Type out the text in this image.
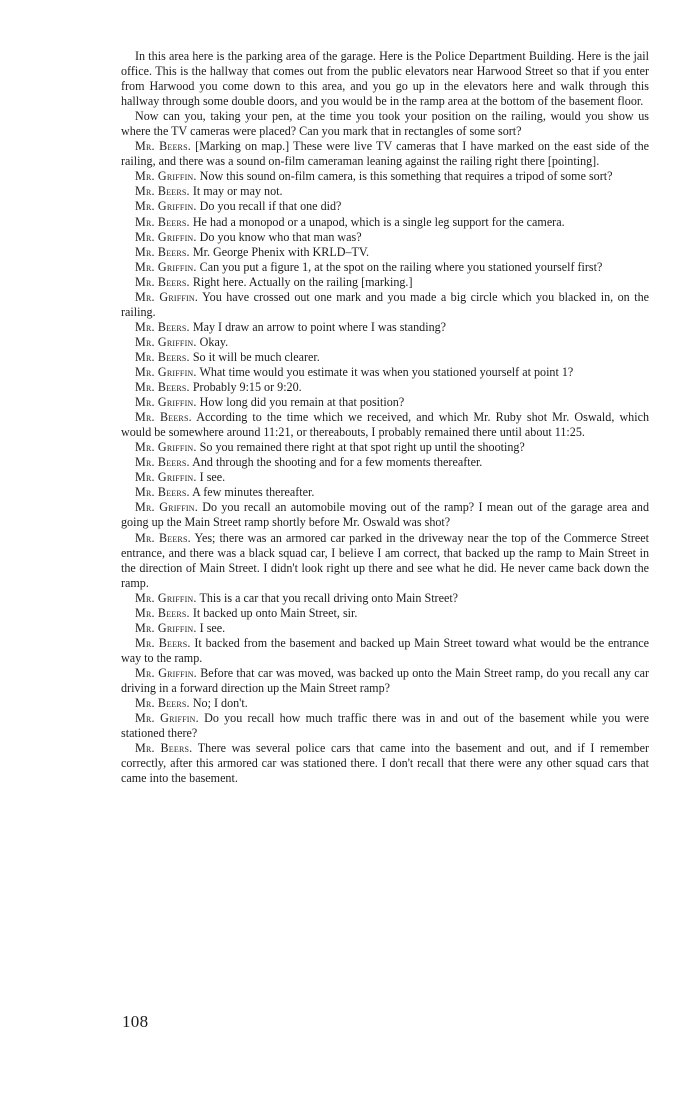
In this area here is the parking area of the garage. Here is the Police Department Building. Here is the jail office. This is the hallway that comes out from the public elevators near Harwood Street so that if you enter from Harwood you come down to this area, and you go up in the elevators here and walk through this hallway through some double doors, and you would be in the ramp area at the bottom of the basement floor.

Now can you, taking your pen, at the time you took your position on the railing, would you show us where the TV cameras were placed? Can you mark that in rectangles of some sort?

Mr. Beers. [Marking on map.] These were live TV cameras that I have marked on the east side of the railing, and there was a sound on-film cameraman leaning against the railing right there [pointing].

Mr. Griffin. Now this sound on-film camera, is this something that requires a tripod of some sort?

Mr. Beers. It may or may not.

Mr. Griffin. Do you recall if that one did?

Mr. Beers. He had a monopod or a unapod, which is a single leg support for the camera.

Mr. Griffin. Do you know who that man was?

Mr. Beers. Mr. George Phenix with KRLD–TV.

Mr. Griffin. Can you put a figure 1, at the spot on the railing where you stationed yourself first?

Mr. Beers. Right here. Actually on the railing [marking.]

Mr. Griffin. You have crossed out one mark and you made a big circle which you blacked in, on the railing.

Mr. Beers. May I draw an arrow to point where I was standing?

Mr. Griffin. Okay.

Mr. Beers. So it will be much clearer.

Mr. Griffin. What time would you estimate it was when you stationed yourself at point 1?

Mr. Beers. Probably 9:15 or 9:20.

Mr. Griffin. How long did you remain at that position?

Mr. Beers. According to the time which we received, and which Mr. Ruby shot Mr. Oswald, which would be somewhere around 11:21, or thereabouts, I probably remained there until about 11:25.

Mr. Griffin. So you remained there right at that spot right up until the shooting?

Mr. Beers. And through the shooting and for a few moments thereafter.

Mr. Griffin. I see.

Mr. Beers. A few minutes thereafter.

Mr. Griffin. Do you recall an automobile moving out of the ramp? I mean out of the garage area and going up the Main Street ramp shortly before Mr. Oswald was shot?

Mr. Beers. Yes; there was an armored car parked in the driveway near the top of the Commerce Street entrance, and there was a black squad car, I believe I am correct, that backed up the ramp to Main Street in the direction of Main Street. I didn't look right up there and see what he did. He never came back down the ramp.

Mr. Griffin. This is a car that you recall driving onto Main Street?

Mr. Beers. It backed up onto Main Street, sir.

Mr. Griffin. I see.

Mr. Beers. It backed from the basement and backed up Main Street toward what would be the entrance way to the ramp.

Mr. Griffin. Before that car was moved, was backed up onto the Main Street ramp, do you recall any car driving in a forward direction up the Main Street ramp?

Mr. Beers. No; I don't.

Mr. Griffin. Do you recall how much traffic there was in and out of the basement while you were stationed there?

Mr. Beers. There was several police cars that came into the basement and out, and if I remember correctly, after this armored car was stationed there. I don't recall that there were any other squad cars that came into the basement.

108
